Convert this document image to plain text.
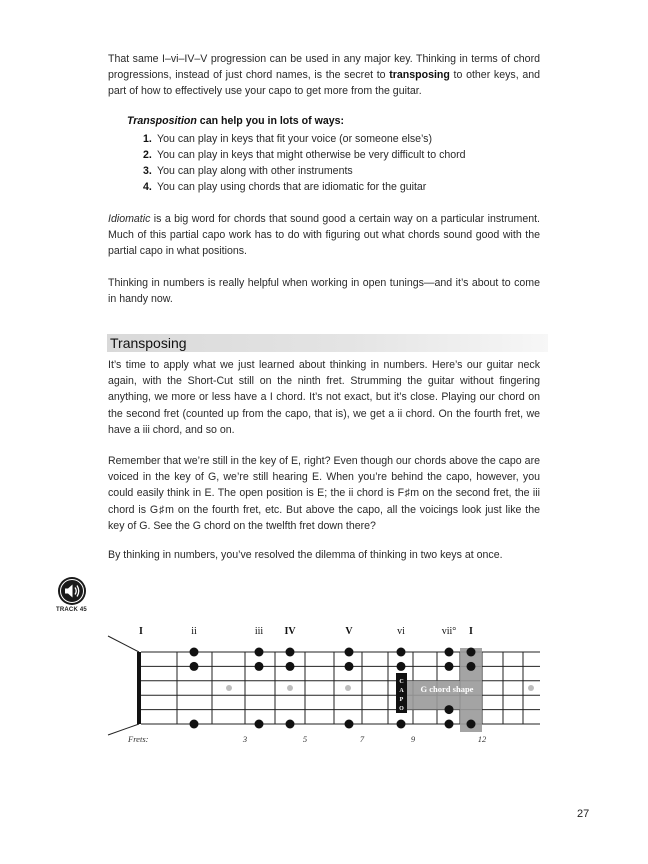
That same I–vi–IV–V progression can be used in any major key. Thinking in terms of chord progressions, instead of just chord names, is the secret to transposing to other keys, and part of how to effectively use your capo to get more from the guitar.
Transposition can help you in lots of ways:
1. You can play in keys that fit your voice (or someone else’s)
2. You can play in keys that might otherwise be very difficult to chord
3. You can play along with other instruments
4. You can play using chords that are idiomatic for the guitar
Idiomatic is a big word for chords that sound good a certain way on a particular instrument. Much of this partial capo work has to do with figuring out what chords sound good with the partial capo in what positions.
Thinking in numbers is really helpful when working in open tunings—and it’s about to come in handy now.
Transposing
It’s time to apply what we just learned about thinking in numbers. Here’s our guitar neck again, with the Short-Cut still on the ninth fret. Strumming the guitar without fingering anything, we more or less have a I chord. It’s not exact, but it’s close. Playing our chord on the second fret (counted up from the capo, that is), we get a ii chord. On the fourth fret, we have a iii chord, and so on.
Remember that we’re still in the key of E, right? Even though our chords above the capo are voiced in the key of G, we’re still hearing E. When you’re behind the capo, however, you could easily think in E. The open position is E; the ii chord is F♯m on the second fret, the iii chord is G♯m on the fourth fret, etc. But above the capo, all the voicings look just like the key of G. See the G chord on the twelfth fret down there?
By thinking in numbers, you’ve resolved the dilemma of thinking in two keys at once.
TRACK 45
I	ii	iii IV	V	vi	vii° I
G chord shape
C
A
P
O
Frets:	3	5	7	9	12
27
